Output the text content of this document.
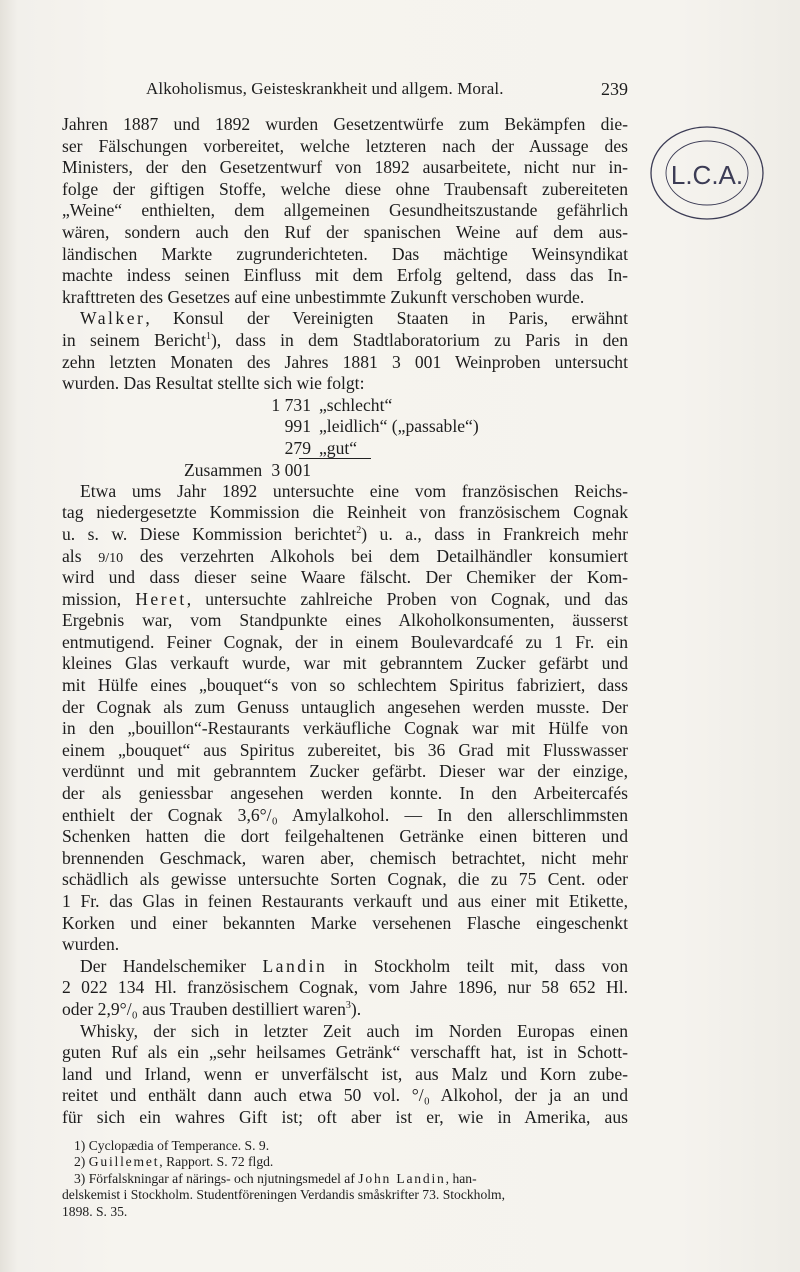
Alkoholismus, Geisteskrankheit und allgem. Moral.	239
Jahren 1887 und 1892 wurden Gesetzentwürfe zum Bekämpfen die-
ser Fälschungen vorbereitet, welche letzteren nach der Aussage des
Ministers, der den Gesetzentwurf von 1892 ausarbeitete, nicht nur in-
folge der giftigen Stoffe, welche diese ohne Traubensaft zubereiteten
„Weine“ enthielten, dem allgemeinen Gesundheitszustande gefährlich
wären, sondern auch den Ruf der spanischen Weine auf dem aus-
ländischen Markte zugrunderichteten. Das mächtige Weinsyndikat
machte indess seinen Einfluss mit dem Erfolg geltend, dass das In-
krafttreten des Gesetzes auf eine unbestimmte Zukunft verschoben wurde.
Walker, Konsul der Vereinigten Staaten in Paris, erwähnt
in seinem Bericht$^1$), dass in dem Stadtlaboratorium zu Paris in den
zehn letzten Monaten des Jahres 1881 3 001 Weinproben untersucht
wurden. Das Resultat stellte sich wie folgt:
1 731 „schlecht“
991 „leidlich“ („passable“)
279 „gut“
Zusammen 3 001
Etwa ums Jahr 1892 untersuchte eine vom französischen Reichs-
tag niedergesetzte Kommission die Reinheit von französischem Cognak
u. s. w. Diese Kommission berichtet$^2$) u. a., dass in Frankreich mehr
als 9/10 des verzehrten Alkohols bei dem Detailhändler konsumiert
wird und dass dieser seine Waare fälscht. Der Chemiker der Kom-
mission, Heret, untersuchte zahlreiche Proben von Cognak, und das
Ergebnis war, vom Standpunkte eines Alkoholkonsumenten, äusserst
entmutigend. Feiner Cognak, der in einem Boulevardcafé zu 1 Fr. ein
kleines Glas verkauft wurde, war mit gebranntem Zucker gefärbt und
mit Hülfe eines „bouquet“s von so schlechtem Spiritus fabriziert, dass
der Cognak als zum Genuss untauglich angesehen werden musste. Der
in den „bouillon“-Restaurants verkäufliche Cognak war mit Hülfe von
einem „bouquet“ aus Spiritus zubereitet, bis 36 Grad mit Flusswasser
verdünnt und mit gebranntem Zucker gefärbt. Dieser war der einzige,
der als geniessbar angesehen werden konnte. In den Arbeitercafés
enthielt der Cognak 3,6°/₀ Amylalkohol. — In den allerschlimmsten
Schenken hatten die dort feilgehaltenen Getränke einen bitteren und
brennenden Geschmack, waren aber, chemisch betrachtet, nicht mehr
schädlich als gewisse untersuchte Sorten Cognak, die zu 75 Cent. oder
1 Fr. das Glas in feinen Restaurants verkauft und aus einer mit Etikette,
Korken und einer bekannten Marke versehenen Flasche eingeschenkt
wurden.
Der Handelschemiker Landin in Stockholm teilt mit, dass von
2 022 134 Hl. französischem Cognak, vom Jahre 1896, nur 58 652 Hl.
oder 2,9°/₀ aus Trauben destilliert waren$^3$).
Whisky, der sich in letzter Zeit auch im Norden Europas einen
guten Ruf als ein „sehr heilsames Getränk“ verschafft hat, ist in Schott-
land und Irland, wenn er unverfälscht ist, aus Malz und Korn zube-
reitet und enthält dann auch etwa 50 vol. °/₀ Alkohol, der ja an und
für sich ein wahres Gift ist; oft aber ist er, wie in Amerika, aus
1) Cyclopædia of Temperance. S. 9.
2) Guillemet, Rapport. S. 72 flgd.
3) Förfalskningar af närings- och njutningsmedel af John Landin, han-
delskemist i Stockholm. Studentföreningen Verdandis småskrifter 73. Stockholm,
1898. S. 35.
L.C.A.
